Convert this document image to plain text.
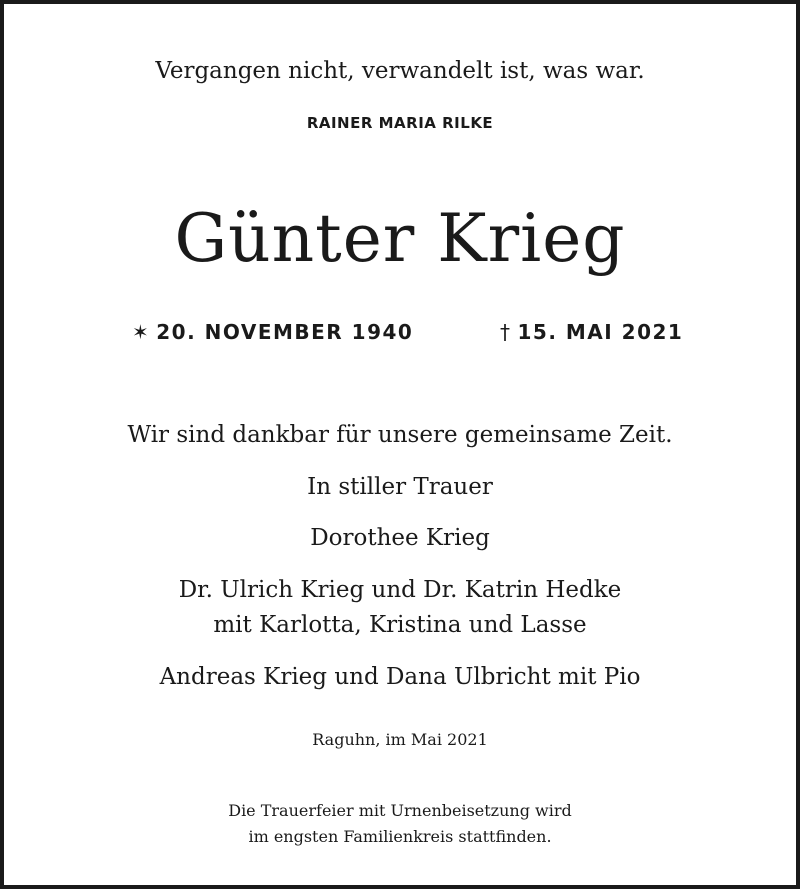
Vergangen nicht, verwandelt ist, was war.
RAINER MARIA RILKE
Günter Krieg
✶ 20. NOVEMBER 1940	† 15. MAI 2021
Wir sind dankbar für unsere gemeinsame Zeit.
In stiller Trauer
Dorothee Krieg
Dr. Ulrich Krieg und Dr. Katrin Hedke
mit Karlotta, Kristina und Lasse
Andreas Krieg und Dana Ulbricht mit Pio
Raguhn, im Mai 2021
Die Trauerfeier mit Urnenbeisetzung wird
im engsten Familienkreis stattfinden.
